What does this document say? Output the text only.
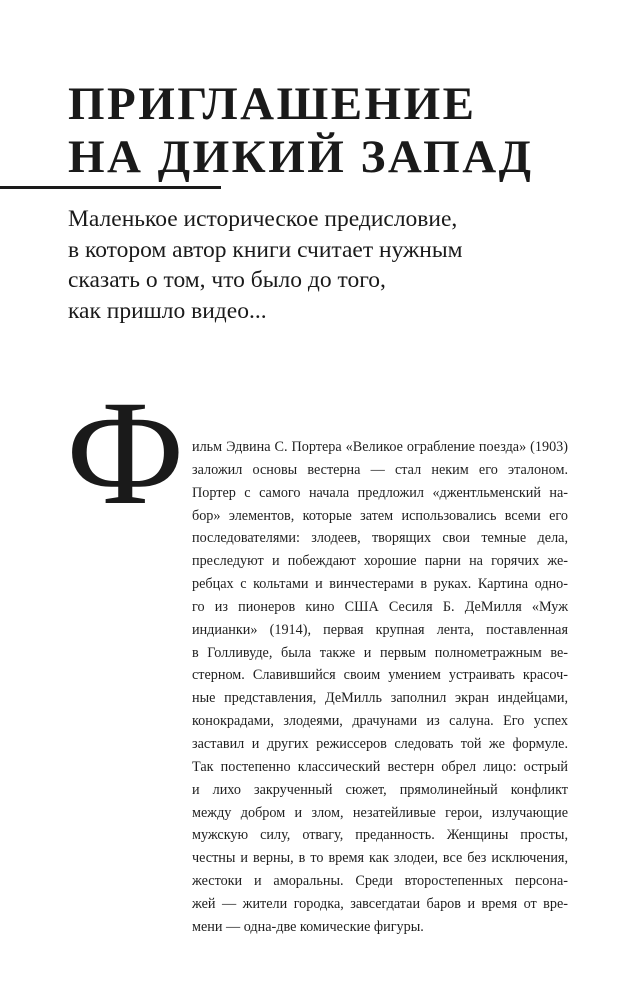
ПРИГЛАШЕНИЕ
НА ДИКИЙ ЗАПАД

Маленькое историческое предисловие,
в котором автор книги считает нужным
сказать о том, что было до того,
как пришло видео...

Ф ильм Эдвина С. Портера «Великое ограбление поезда» (1903)
заложил основы вестерна — стал неким его эталоном.
Портер с самого начала предложил «джентльменский на-
бор» элементов, которые затем использовались всеми его
последователями: злодеев, творящих свои темные дела,
преследуют и побеждают хорошие парни на горячих же-
ребцах с кольтами и винчестерами в руках. Картина одно-
го из пионеров кино США Сесиля Б. ДеМилля «Муж
индианки» (1914), первая крупная лента, поставленная
в Голливуде, была также и первым полнометражным ве-
стерном. Славившийся своим умением устраивать красоч-
ные представления, ДеМилль заполнил экран индейцами,
конокрадами, злодеями, драчунами из салуна. Его успех
заставил и других режиссеров следовать той же формуле.
Так постепенно классический вестерн обрел лицо: острый
и лихо закрученный сюжет, прямолинейный конфликт
между добром и злом, незатейливые герои, излучающие
мужскую силу, отвагу, преданность. Женщины просты,
честны и верны, в то время как злодеи, все без исключения,
жестоки и аморальны. Среди второстепенных персона-
жей — жители городка, завсегдатаи баров и время от вре-
мени — одна-две комические фигуры.
